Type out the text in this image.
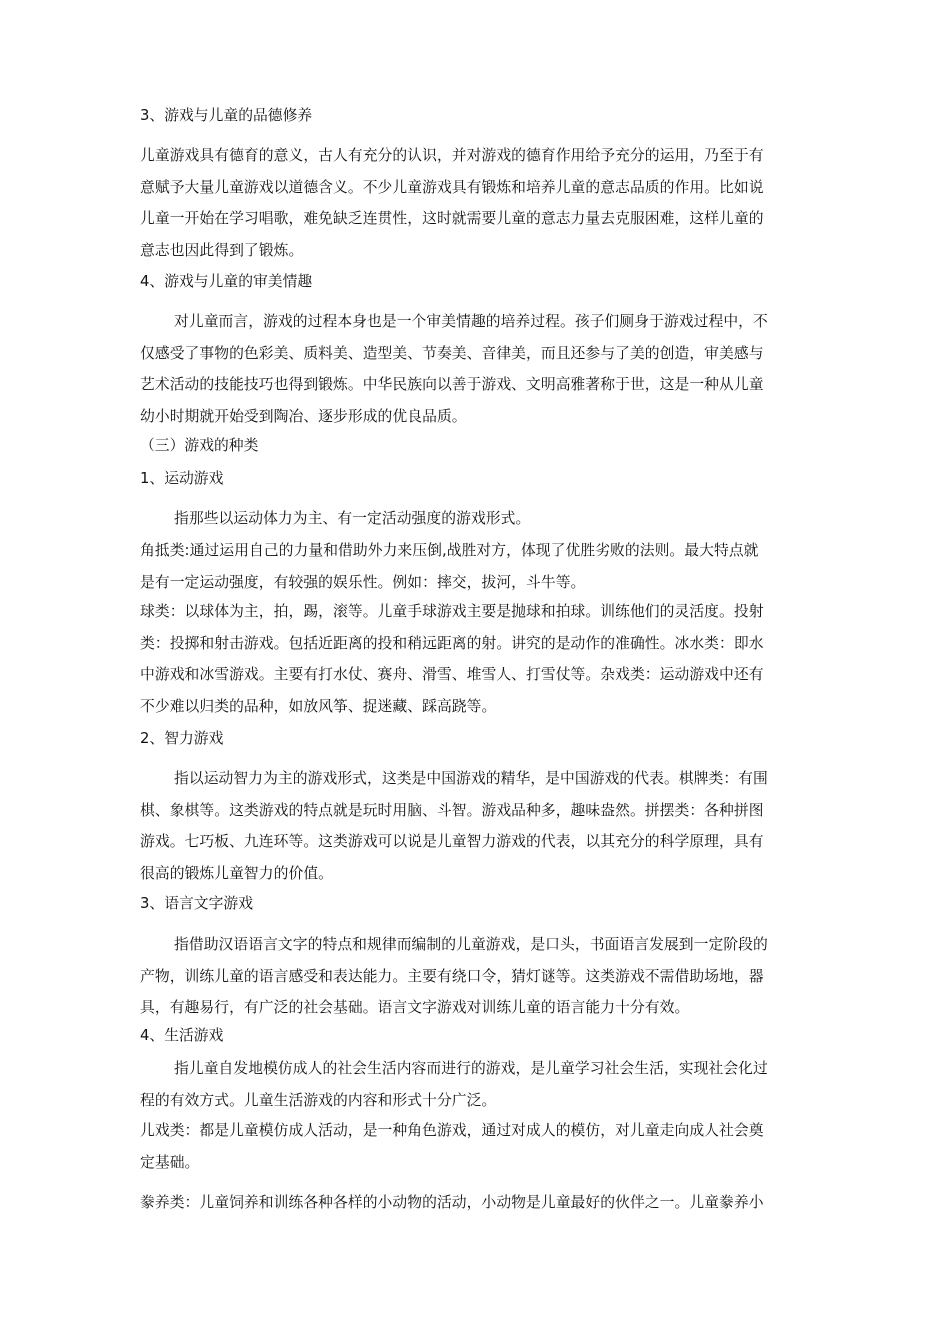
3、游戏与儿童的品德修养

儿童游戏具有德育的意义，古人有充分的认识，并对游戏的德育作用给予充分的运用，乃至于有
意赋予大量儿童游戏以道德含义。不少儿童游戏具有锻炼和培养儿童的意志品质的作用。比如说
儿童一开始在学习唱歌，难免缺乏连贯性，这时就需要儿童的意志力量去克服困难，这样儿童的
意志也因此得到了锻炼。

4、游戏与儿童的审美情趣

对儿童而言，游戏的过程本身也是一个审美情趣的培养过程。孩子们厕身于游戏过程中，不
仅感受了事物的色彩美、质料美、造型美、节奏美、音律美，而且还参与了美的创造，审美感与
艺术活动的技能技巧也得到锻炼。中华民族向以善于游戏、文明高雅著称于世，这是一种从儿童
幼小时期就开始受到陶冶、逐步形成的优良品质。

（三）游戏的种类

1、运动游戏

指那些以运动体力为主、有一定活动强度的游戏形式。
角抵类:通过运用自己的力量和借助外力来压倒,战胜对方，体现了优胜劣败的法则。最大特点就
是有一定运动强度，有较强的娱乐性。例如：摔交，拔河，斗牛等。
球类：以球体为主，拍，踢，滚等。儿童手球游戏主要是抛球和拍球。训练他们的灵活度。投射
类：投掷和射击游戏。包括近距离的投和稍远距离的射。讲究的是动作的准确性。冰水类：即水
中游戏和冰雪游戏。主要有打水仗、赛舟、滑雪、堆雪人、打雪仗等。杂戏类：运动游戏中还有
不少难以归类的品种，如放风筝、捉迷藏、踩高跷等。

2、智力游戏

指以运动智力为主的游戏形式，这类是中国游戏的精华，是中国游戏的代表。棋牌类：有围
棋、象棋等。这类游戏的特点就是玩时用脑、斗智。游戏品种多，趣味盎然。拼摆类：各种拼图
游戏。七巧板、九连环等。这类游戏可以说是儿童智力游戏的代表，以其充分的科学原理，具有
很高的锻炼儿童智力的价值。

3、语言文字游戏

指借助汉语语言文字的特点和规律而编制的儿童游戏，是口头，书面语言发展到一定阶段的
产物，训练儿童的语言感受和表达能力。主要有绕口令，猜灯谜等。这类游戏不需借助场地，器
具，有趣易行，有广泛的社会基础。语言文字游戏对训练儿童的语言能力十分有效。

4、生活游戏

指儿童自发地模仿成人的社会生活内容而进行的游戏，是儿童学习社会生活，实现社会化过
程的有效方式。儿童生活游戏的内容和形式十分广泛。
儿戏类：都是儿童模仿成人活动，是一种角色游戏，通过对成人的模仿，对儿童走向成人社会奠
定基础。
豢养类：儿童饲养和训练各种各样的小动物的活动，小动物是儿童最好的伙伴之一。儿童豢养小
